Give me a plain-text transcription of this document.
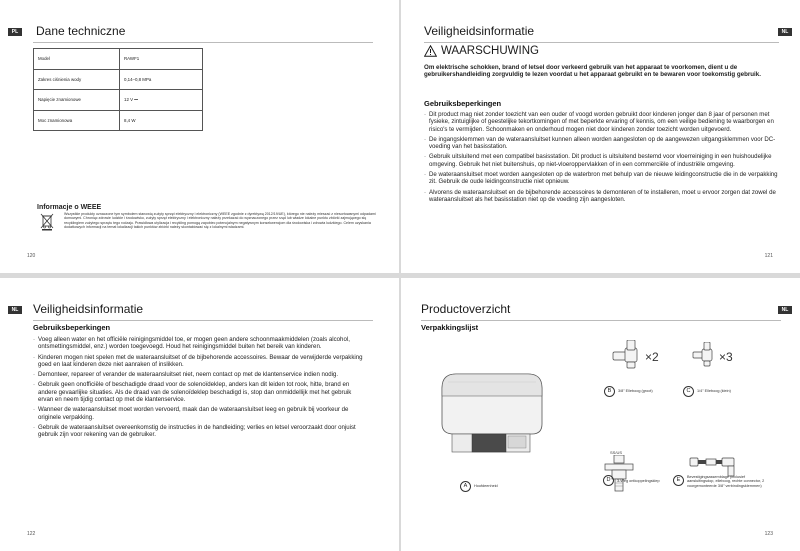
PL	Dane techniczne
Model	RAWF1
Zakres ciśnienia wody	0,14–0,8 MPa
Napięcie znamionowe	12 V ⎓
Moc znamionowa	8,4 W
Informacje o WEEE

Wszystkie produkty oznaczone tym symbolem stanowią zużyty sprzęt elektryczny i elektroniczny (WEEE zgodnie z dyrektywą 2012/19/UE), którego nie należy mieszać z niesortowanymi odpadami domowymi. Chroniąc zdrowie ludzkie i środowisko, zużyty sprzęt elektryczny i elektroniczny należy przekazać do wyznaczonego przez rząd lub władze lokalne punktu zbiórki zajmującego się recyklingiem zużytego sprzętu tego rodzaju. Prawidłowa utylizacja i recykling pomogą zapobiec potencjalnym negatywnym konsekwencjom dla środowiska i zdrowia ludzkiego. Celem uzyskania dodatkowych informacji na temat lokalizacji takich punktów zbiórki należy skontaktować się z lokalnymi władzami.

120
NL
Veiligheidsinformatie
WAARSCHUWING

Om elektrische schokken, brand of letsel door verkeerd gebruik van het apparaat te voorkomen, dient u de gebruikershandleiding zorgvuldig te lezen voordat u het apparaat gebruikt en te bewaren voor toekomstig gebruik.

Gebruiksbeperkingen
· Dit product mag niet zonder toezicht van een ouder of voogd worden gebruikt door kinderen jonger dan 8 jaar of personen met fysieke, zintuiglijke of geestelijke tekortkomingen of met beperkte ervaring of kennis, om een veilige bediening te waarborgen en risico's te vermijden. Schoonmaken en onderhoud mogen niet door kinderen zonder toezicht worden uitgevoerd.
· De ingangsklemmen van de wateraansluitset kunnen alleen worden aangesloten op de aangewezen uitgangsklemmen voor DC-voeding van het basisstation.
· Gebruik uitsluitend met een compatibel basisstation. Dit product is uitsluitend bestemd voor vloerreiniging in een huishoudelijke omgeving. Gebruik het niet buitenshuis, op niet-vloeroppervlakken of in een commerciële of industriële omgeving.
· De wateraansluitset moet worden aangesloten op de waterbron met behulp van de nieuwe leidingconstructie die in de verpakking zit. Gebruik de oude leidingconstructie niet opnieuw.
· Alvorens de wateraansluitset en de bijbehorende accessoires te demonteren of te installeren, moet u ervoor zorgen dat zowel de wateraansluitset als het basisstation niet op de voeding zijn aangesloten.
121
NL	Veiligheidsinformatie
Gebruiksbeperkingen
· Voeg alleen water en het officiële reinigingsmiddel toe, er mogen geen andere schoonmaakmiddelen (zoals alcohol, ontsmettingsmiddel, enz.) worden toegevoegd. Houd het reinigingsmiddel buiten het bereik van kinderen.
· Kinderen mogen niet spelen met de wateraansluitset of de bijbehorende accessoires. Bewaar de verwijderde verpakking goed en laat kinderen deze niet aanraken of inslikken.
· Demonteer, repareer of verander de wateraansluitset niet, neem contact op met de klantenservice indien nodig.
· Gebruik geen onofficiële of beschadigde draad voor de solenoïdeklep, anders kan dit leiden tot rook, hitte, brand en andere gevaarlijke situaties. Als de draad van de solenoïdeklep beschadigd is, stop dan onmiddellijk met het gebruik ervan en neem tijdig contact op met de klantenservice.
· Wanneer de wateraansluitset moet worden vervoerd, maak dan de wateraansluitset leeg en gebruik bij voorkeur de originele verpakking.
· Gebruik de wateraansluitset overeenkomstig de instructies in de handleiding; verlies en letsel veroorzaakt door onjuist gebruik zijn voor rekening van de gebruiker.
122
NL
Productoverzicht
Verpakkingslijst
A	Hoofdeenheid
×2
B	3/8" Elleboog (groot)
×3
C	1/4" Elleboog (klein)
SS/US
D	3-Weg ontkoppelingsklep	E	Bevestigingsassemblage (inclusief aansluitingsdop, elleboog, rechte connector, 2 voorgemonteerde 3/8" verbindingsklemmen)
123
